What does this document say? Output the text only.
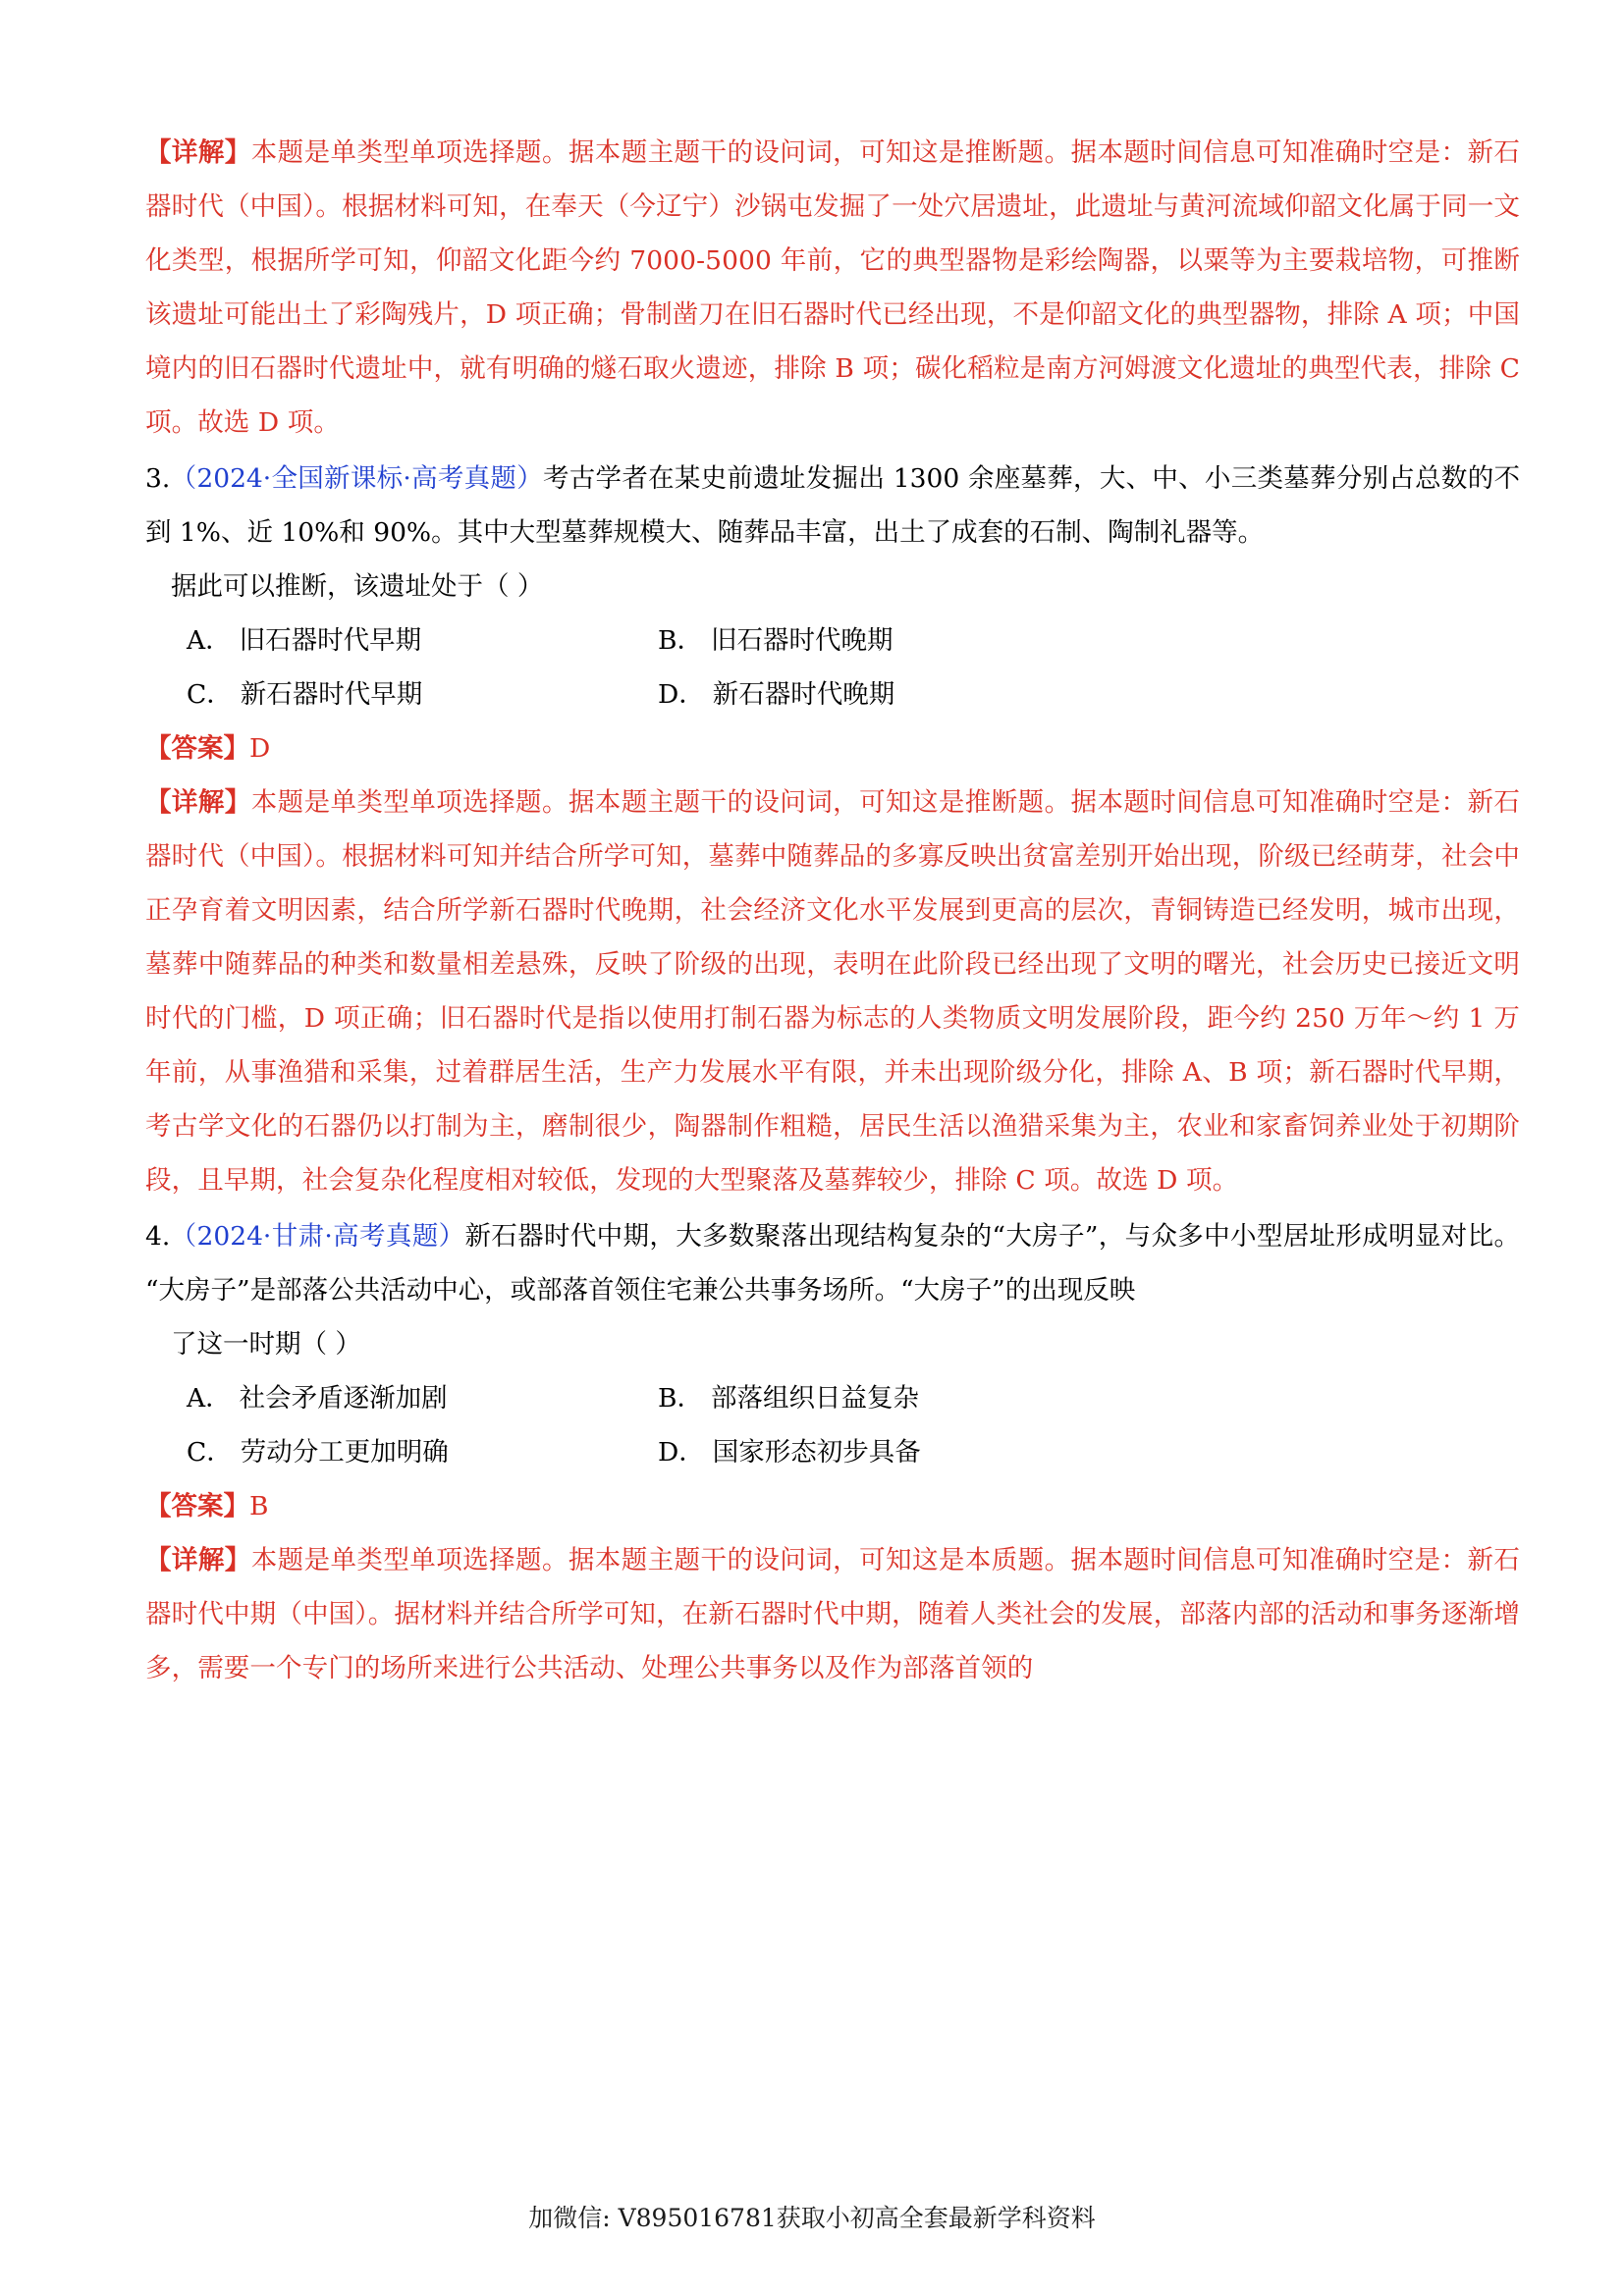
【详解】本题是单类型单项选择题。据本题主题干的设问词，可知这是推断题。据本题时间信息可知准确时空是：新石器时代（中国）。根据材料可知，在奉天（今辽宁）沙锅屯发掘了一处穴居遗址，此遗址与黄河流域仰韶文化属于同一文化类型，根据所学可知，仰韶文化距今约 7000-5000 年前，它的典型器物是彩绘陶器，以粟等为主要栽培物，可推断该遗址可能出土了彩陶残片，D 项正确；骨制凿刀在旧石器时代已经出现，不是仰韶文化的典型器物，排除 A 项；中国境内的旧石器时代遗址中，就有明确的燧石取火遗迹，排除 B 项；碳化稻粒是南方河姆渡文化遗址的典型代表，排除 C 项。故选 D 项。

3.（2024·全国新课标·高考真题）考古学者在某史前遗址发掘出 1300 余座墓葬，大、中、小三类墓葬分别占总数的不到 1%、近 10%和 90%。其中大型墓葬规模大、随葬品丰富，出土了成套的石制、陶制礼器等。

据此可以推断，该遗址处于（ ）

A． 旧石器时代早期	B． 旧石器时代晚期
C． 新石器时代早期	D． 新石器时代晚期

【答案】D

【详解】本题是单类型单项选择题。据本题主题干的设问词，可知这是推断题。据本题时间信息可知准确时空是：新石器时代（中国）。根据材料可知并结合所学可知，墓葬中随葬品的多寡反映出贫富差别开始出现，阶级已经萌芽，社会中正孕育着文明因素，结合所学新石器时代晚期，社会经济文化水平发展到更高的层次，青铜铸造已经发明，城市出现，墓葬中随葬品的种类和数量相差悬殊，反映了阶级的出现，表明在此阶段已经出现了文明的曙光，社会历史已接近文明时代的门槛，D 项正确；旧石器时代是指以使用打制石器为标志的人类物质文明发展阶段，距今约 250 万年～约 1 万年前，从事渔猎和采集，过着群居生活，生产力发展水平有限，并未出现阶级分化，排除 A、B 项；新石器时代早期，考古学文化的石器仍以打制为主，磨制很少，陶器制作粗糙，居民生活以渔猎采集为主，农业和家畜饲养业处于初期阶段，且早期，社会复杂化程度相对较低，发现的大型聚落及墓葬较少，排除 C 项。故选 D 项。

4.（2024·甘肃·高考真题）新石器时代中期，大多数聚落出现结构复杂的“大房子”，与众多中小型居址形成明显对比。“大房子”是部落公共活动中心，或部落首领住宅兼公共事务场所。“大房子”的出现反映

了这一时期（ ）

A． 社会矛盾逐渐加剧	B． 部落组织日益复杂
C． 劳动分工更加明确	D． 国家形态初步具备

【答案】B

【详解】本题是单类型单项选择题。据本题主题干的设问词，可知这是本质题。据本题时间信息可知准确时空是：新石器时代中期（中国）。据材料并结合所学可知，在新石器时代中期，随着人类社会的发展，部落内部的活动和事务逐渐增多，需要一个专门的场所来进行公共活动、处理公共事务以及作为部落首领的

加微信: V895016781获取小初高全套最新学科资料
